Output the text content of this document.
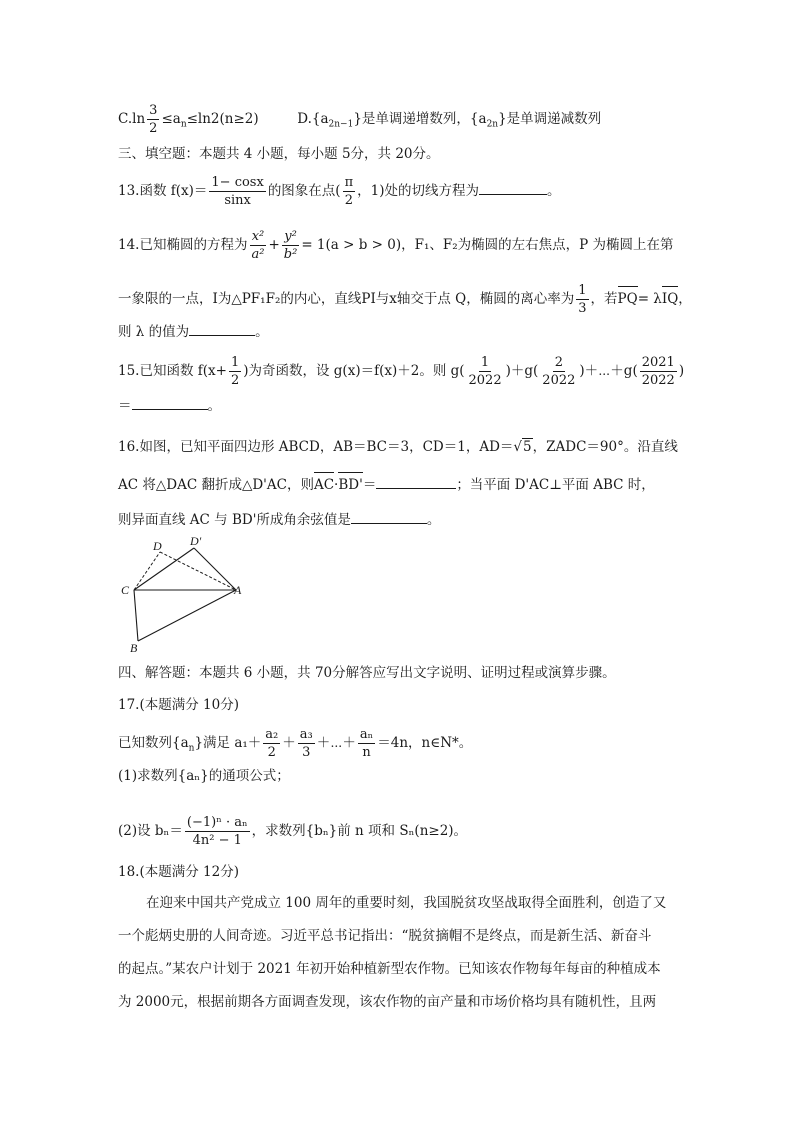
$C.\ln \frac{3}{2} \le a_n\le\ln 2(n\ge 2)$	$D.\{a_{2n-1}\}$是单调递增数列，$\{a_{2n}\}$是单调递减数列
三、填空题：本题共 4 小题，每小题 5分，共 20分。
13.函数 $f(x)= \frac{1- \cos x}{\sin x}$ 的图象在点( $\frac{\pi}{2}$ ，1)处的切线方程为	。
14.已知椭圆的方程为 $\frac{\text{x²}}{\text{a²}} + \frac{\text{y²}}{\text{b²}} = 1(a > b > 0)$，F₁、F₂为椭圆的左右焦点，P 为椭圆上在第
一象限的一点，I为△PF₁F₂的内心，直线PI与x轴交于点 Q，椭圆的离心率为 $\frac{1}{3}$ ，若PQ= λIQ，
则 λ 的值为	。
15.已知函数 $f(x+ \frac{1}{2}$ )为奇函数，设 g(x)＝f(x)＋2。则 $g( \frac{1}{2022} )+g( \frac{2}{2022}$ )＋⋯＋g( $\frac{2021}{2022}$ )
＝	。
16.如图，已知平面四边形 ABCD，AB＝BC＝3，CD＝1，AD＝√5，ZADC＝90°。沿直线
AC 将△DAC 翻折成△D'AC，则AC·BD'＝	；当平面 D'AC⊥平面 ABC 时，
则异面直线 AC 与 BD'所成角余弦值是	。
D D'
C	A
B
四、解答题：本题共 6 小题，共 70分解答应写出文字说明、证明过程或演算步骤。
17.(本题满分 10分)
已知数列$\{a_n\}$满足 $a_1+ \frac{\text{a₂}}{2} + \frac{\text{a₃}}{3}$ ＋⋯＋ $\frac{\text{aₙ}}{n} =4n$，n∈N*。
(1)求数列{aₙ}的通项公式；
(2)设 $b_n= \frac{\text{(−1)ⁿ · aₙ}}{\text{4n² − 1}}$ ，求数列{bₙ}前 n 项和 Sₙ(n≥2)。
18.(本题满分 12分)
在迎来中国共产党成立 100 周年的重要时刻，我国脱贫攻坚战取得全面胜利，创造了又
一个彪炳史册的人间奇迹。习近平总书记指出：“脱贫摘帽不是终点，而是新生活、新奋斗
的起点。”某农户计划于 2021 年初开始种植新型农作物。已知该农作物每年每亩的种植成本
为 2000元，根据前期各方面调查发现，该农作物的亩产量和市场价格均具有随机性，且两
